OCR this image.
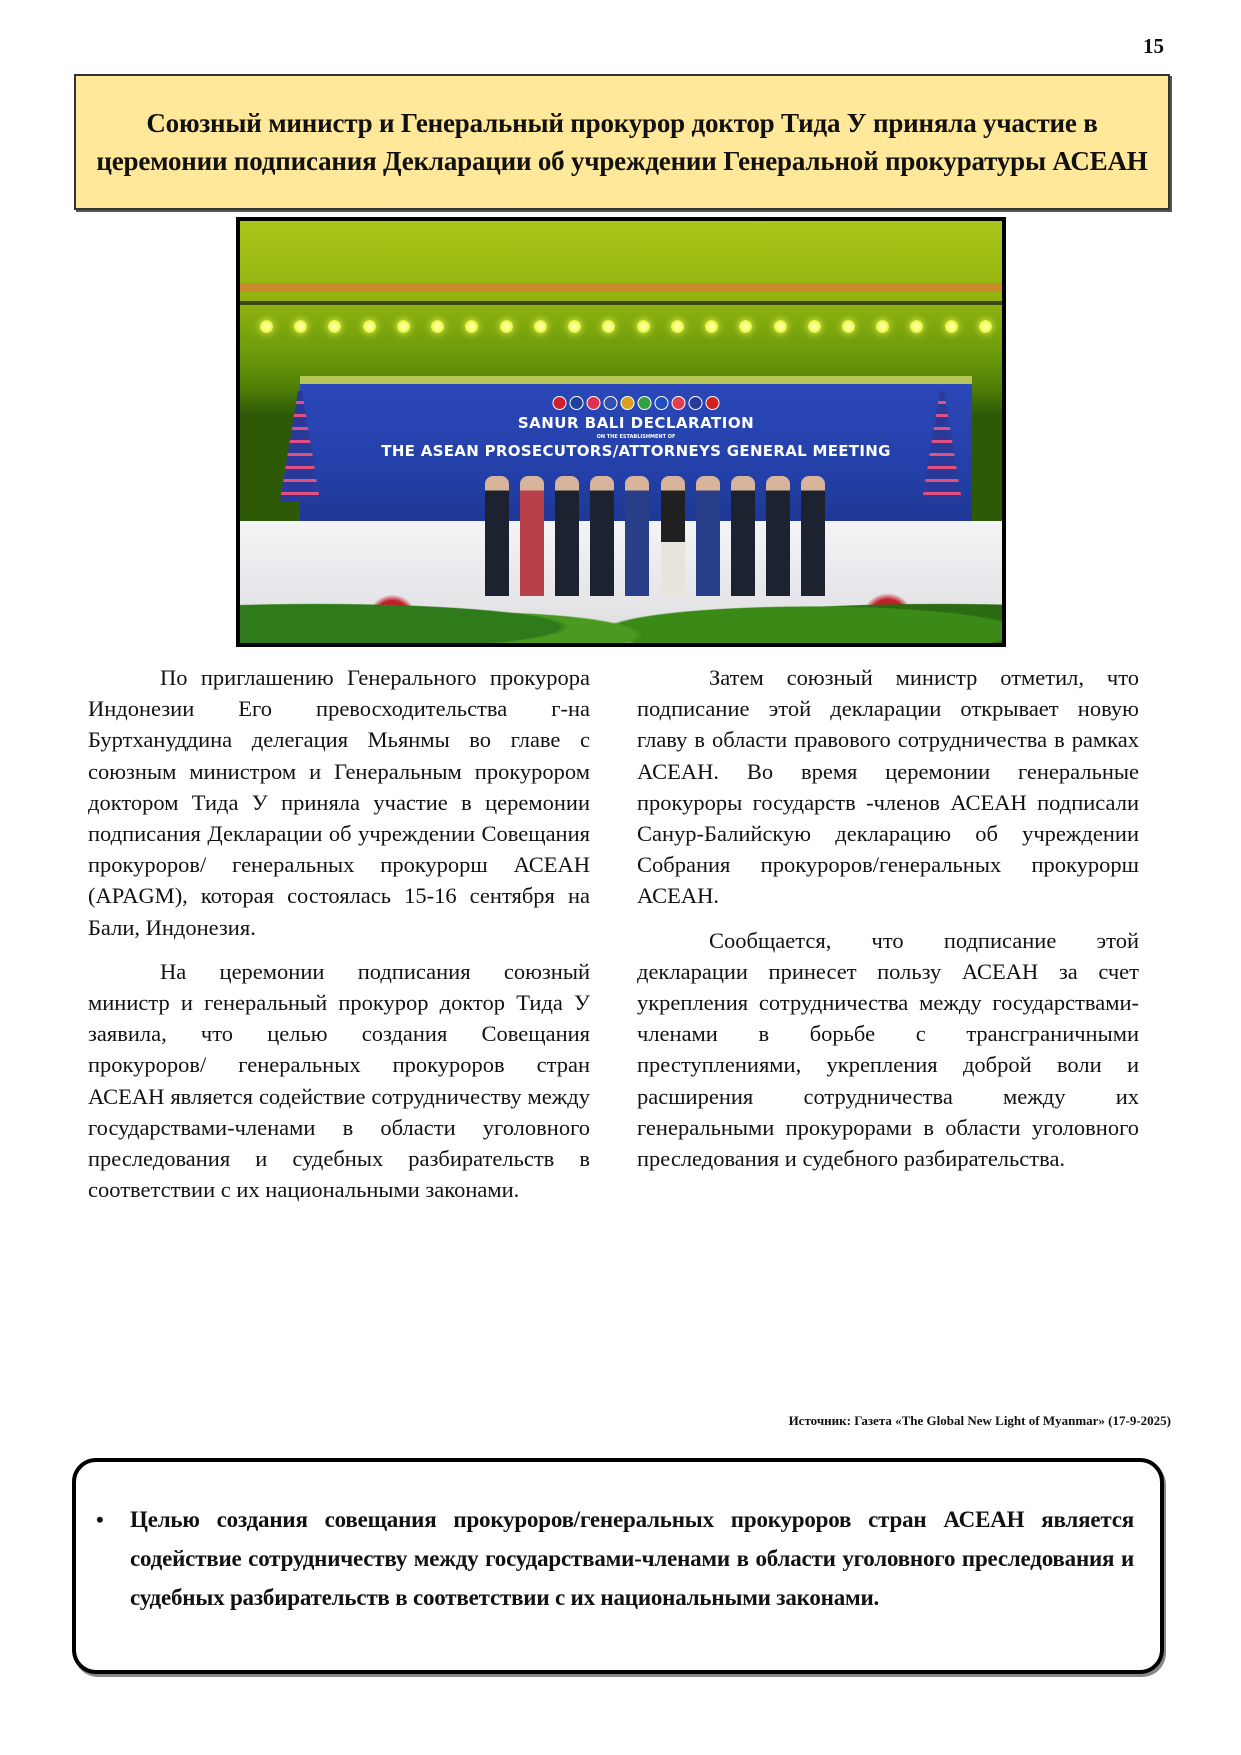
15
Союзный министр и Генеральный прокурор доктор Тида У приняла участие в церемонии подписания Декларации об учреждении Генеральной прокуратуры АСЕАН
SANUR BALI DECLARATION
ON THE ESTABLISHMENT OF
THE ASEAN PROSECUTORS/ATTORNEYS GENERAL MEETING

По приглашению Генерального прокурора Индонезии Его превосходительства г-на Буртхануддина делегация Мьянмы во главе с союзным министром и Генеральным прокурором доктором Тида У приняла участие в церемонии подписания Декларации об учреждении Совещания прокуроров/ генеральных прокурорш АСЕАН (APAGM), которая состоялась 15-16 сентября на Бали, Индонезия.

На церемонии подписания союзный министр и генеральный прокурор доктор Тида У заявила, что целью создания Совещания прокуроров/ генеральных прокуроров стран АСЕАН является содействие сотрудничеству между государствами-членами в области уголовного преследования и судебных разбирательств в соответствии с их национальными законами.

Затем союзный министр отметил, что подписание этой декларации открывает новую главу в области правового сотрудничества в рамках АСЕАН. Во время церемонии генеральные прокуроры государств -членов АСЕАН подписали Санур-Балийскую декларацию об учреждении Собрания прокуроров/генеральных прокурорш АСЕАН.

Сообщается, что подписание этой декларации принесет пользу АСЕАН за счет укрепления сотрудничества между государствами-членами в борьбе с трансграничными преступлениями, укрепления доброй воли и расширения сотрудничества между их генеральными прокурорами в области уголовного преследования и судебного разбирательства.

Источник: Газета «The Global New Light of Myanmar» (17-9-2025)
• Целью создания совещания прокуроров/генеральных прокуроров стран АСЕАН является содействие сотрудничеству между государствами-членами в области уголовного преследования и судебных разбирательств в соответствии с их национальными законами.
